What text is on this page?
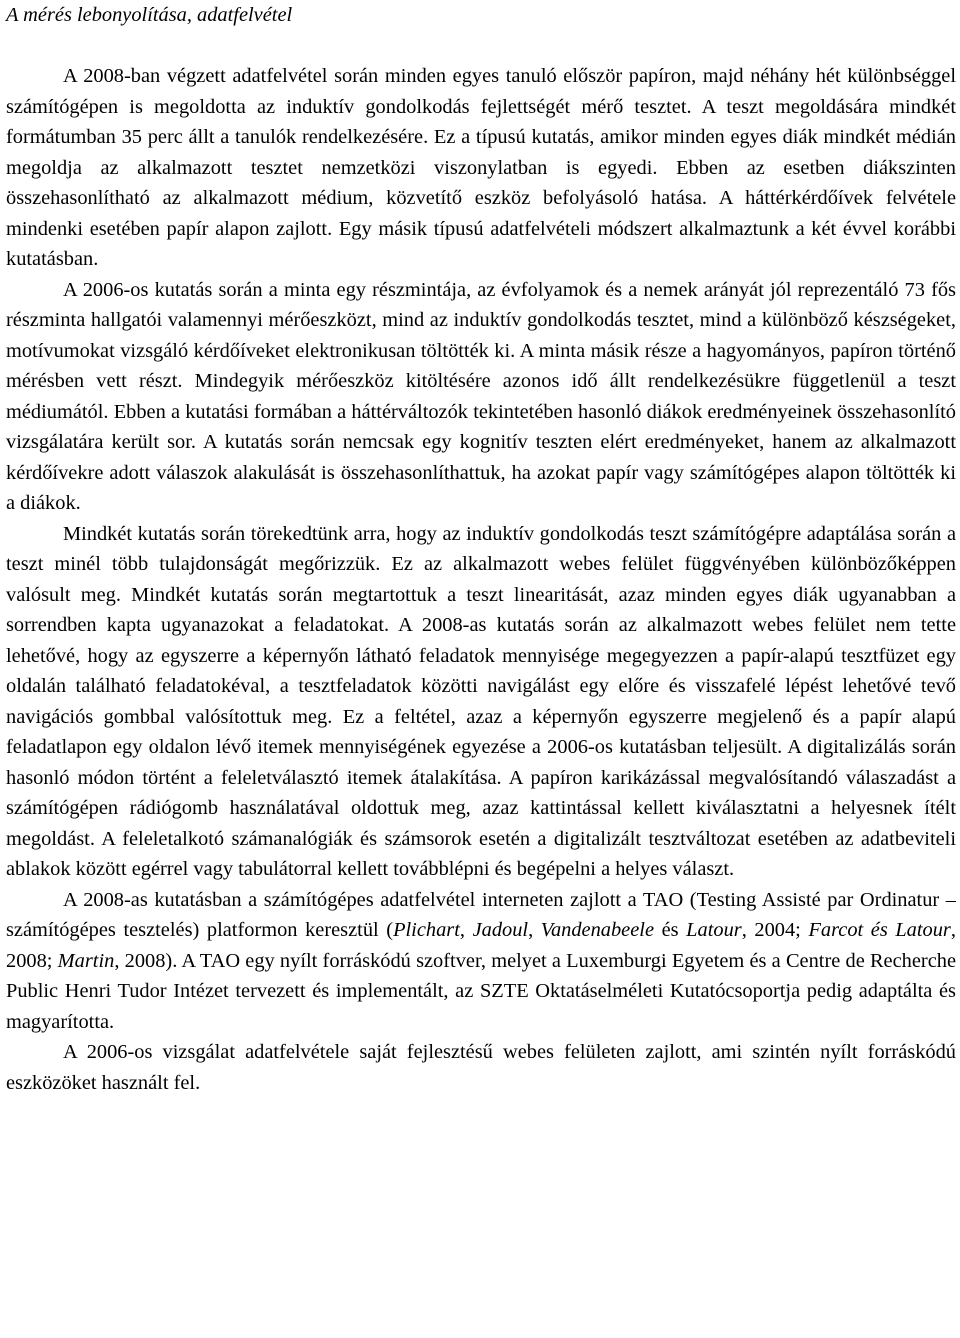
A mérés lebonyolítása, adatfelvétel

A 2008-ban végzett adatfelvétel során minden egyes tanuló először papíron, majd néhány hét különbséggel számítógépen is megoldotta az induktív gondolkodás fejlettségét mérő tesztet. A teszt megoldására mindkét formátumban 35 perc állt a tanulók rendelkezésére. Ez a típusú kutatás, amikor minden egyes diák mindkét médián megoldja az alkalmazott tesztet nemzetközi viszonylatban is egyedi. Ebben az esetben diákszinten összehasonlítható az alkalmazott médium, közvetítő eszköz befolyásoló hatása. A háttérkérdőívek felvétele mindenki esetében papír alapon zajlott. Egy másik típusú adatfelvételi módszert alkalmaztunk a két évvel korábbi kutatásban.

A 2006-os kutatás során a minta egy részmintája, az évfolyamok és a nemek arányát jól reprezentáló 73 fős részminta hallgatói valamennyi mérőeszközt, mind az induktív gondolkodás tesztet, mind a különböző készségeket, motívumokat vizsgáló kérdőíveket elektronikusan töltötték ki. A minta másik része a hagyományos, papíron történő mérésben vett részt. Mindegyik mérőeszköz kitöltésére azonos idő állt rendelkezésükre függetlenül a teszt médiumától. Ebben a kutatási formában a háttérváltozók tekintetében hasonló diákok eredményeinek összehasonlító vizsgálatára került sor. A kutatás során nemcsak egy kognitív teszten elért eredményeket, hanem az alkalmazott kérdőívekre adott válaszok alakulását is összehasonlíthattuk, ha azokat papír vagy számítógépes alapon töltötték ki a diákok.

Mindkét kutatás során törekedtünk arra, hogy az induktív gondolkodás teszt számítógépre adaptálása során a teszt minél több tulajdonságát megőrizzük. Ez az alkalmazott webes felület függvényében különbözőképpen valósult meg. Mindkét kutatás során megtartottuk a teszt linearitását, azaz minden egyes diák ugyanabban a sorrendben kapta ugyanazokat a feladatokat. A 2008-as kutatás során az alkalmazott webes felület nem tette lehetővé, hogy az egyszerre a képernyőn látható feladatok mennyisége megegyezzen a papír-alapú tesztfüzet egy oldalán található feladatokéval, a tesztfeladatok közötti navigálást egy előre és visszafelé lépést lehetővé tevő navigációs gombbal valósítottuk meg. Ez a feltétel, azaz a képernyőn egyszerre megjelenő és a papír alapú feladatlapon egy oldalon lévő itemek mennyiségének egyezése a 2006-os kutatásban teljesült. A digitalizálás során hasonló módon történt a feleletválasztó itemek átalakítása. A papíron karikázással megvalósítandó válaszadást a számítógépen rádiógomb használatával oldottuk meg, azaz kattintással kellett kiválasztatni a helyesnek ítélt megoldást. A feleletalkotó számanalógiák és számsorok esetén a digitalizált tesztváltozat esetében az adatbeviteli ablakok között egérrel vagy tabulátorral kellett továbblépni és begépelni a helyes választ.

A 2008-as kutatásban a számítógépes adatfelvétel interneten zajlott a TAO (Testing Assisté par Ordinatur – számítógépes tesztelés) platformon keresztül (Plichart, Jadoul, Vandenabeele és Latour, 2004; Farcot és Latour, 2008; Martin, 2008). A TAO egy nyílt forráskódú szoftver, melyet a Luxemburgi Egyetem és a Centre de Recherche Public Henri Tudor Intézet tervezett és implementált, az SZTE Oktatáselméleti Kutatócsoportja pedig adaptálta és magyarította.

A 2006-os vizsgálat adatfelvétele saját fejlesztésű webes felületen zajlott, ami szintén nyílt forráskódú eszközöket használt fel.
